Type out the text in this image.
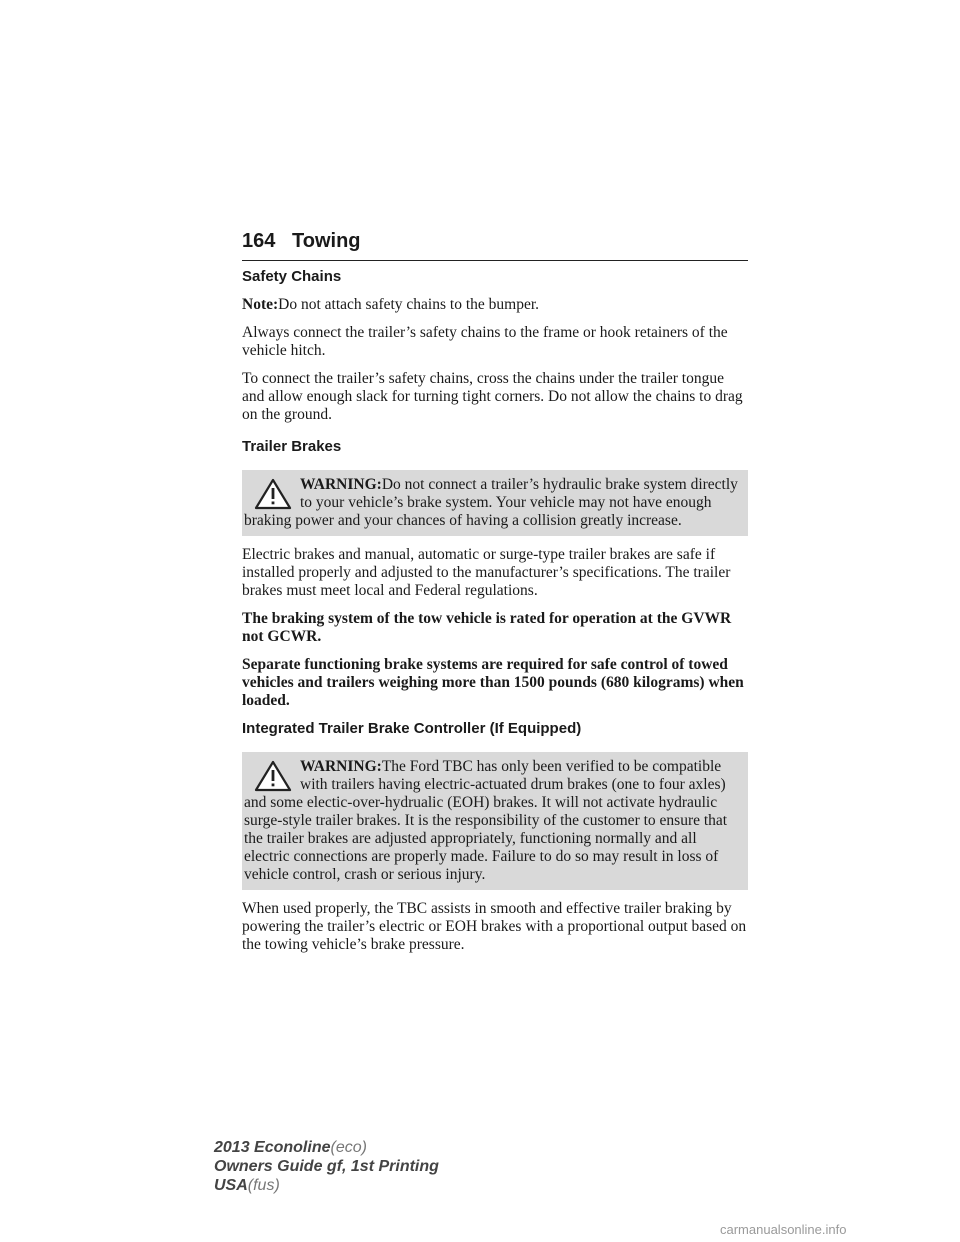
164 Towing
Safety Chains

Note:Do not attach safety chains to the bumper.

Always connect the trailer’s safety chains to the frame or hook retainers of the vehicle hitch.

To connect the trailer’s safety chains, cross the chains under the trailer tongue and allow enough slack for turning tight corners. Do not allow the chains to drag on the ground.

Trailer Brakes
WARNING:Do not connect a trailer’s hydraulic brake system directly to your vehicle’s brake system. Your vehicle may not have enough braking power and your chances of having a collision greatly increase.

Electric brakes and manual, automatic or surge-type trailer brakes are safe if installed properly and adjusted to the manufacturer’s specifications. The trailer brakes must meet local and Federal regulations.

The braking system of the tow vehicle is rated for operation at the GVWR not GCWR.

Separate functioning brake systems are required for safe control of towed vehicles and trailers weighing more than 1500 pounds (680 kilograms) when loaded.

Integrated Trailer Brake Controller (If Equipped)
WARNING:The Ford TBC has only been verified to be compatible with trailers having electric-actuated drum brakes (one to four axles) and some electic-over-hydrualic (EOH) brakes. It will not activate hydraulic surge-style trailer brakes. It is the responsibility of the customer to ensure that the trailer brakes are adjusted appropriately, functioning normally and all electric connections are properly made. Failure to do so may result in loss of vehicle control, crash or serious injury.

When used properly, the TBC assists in smooth and effective trailer braking by powering the trailer’s electric or EOH brakes with a proportional output based on the towing vehicle’s brake pressure.

2013 Econoline(eco)
Owners Guide gf, 1st Printing
USA(fus)
carmanualsonline.info
